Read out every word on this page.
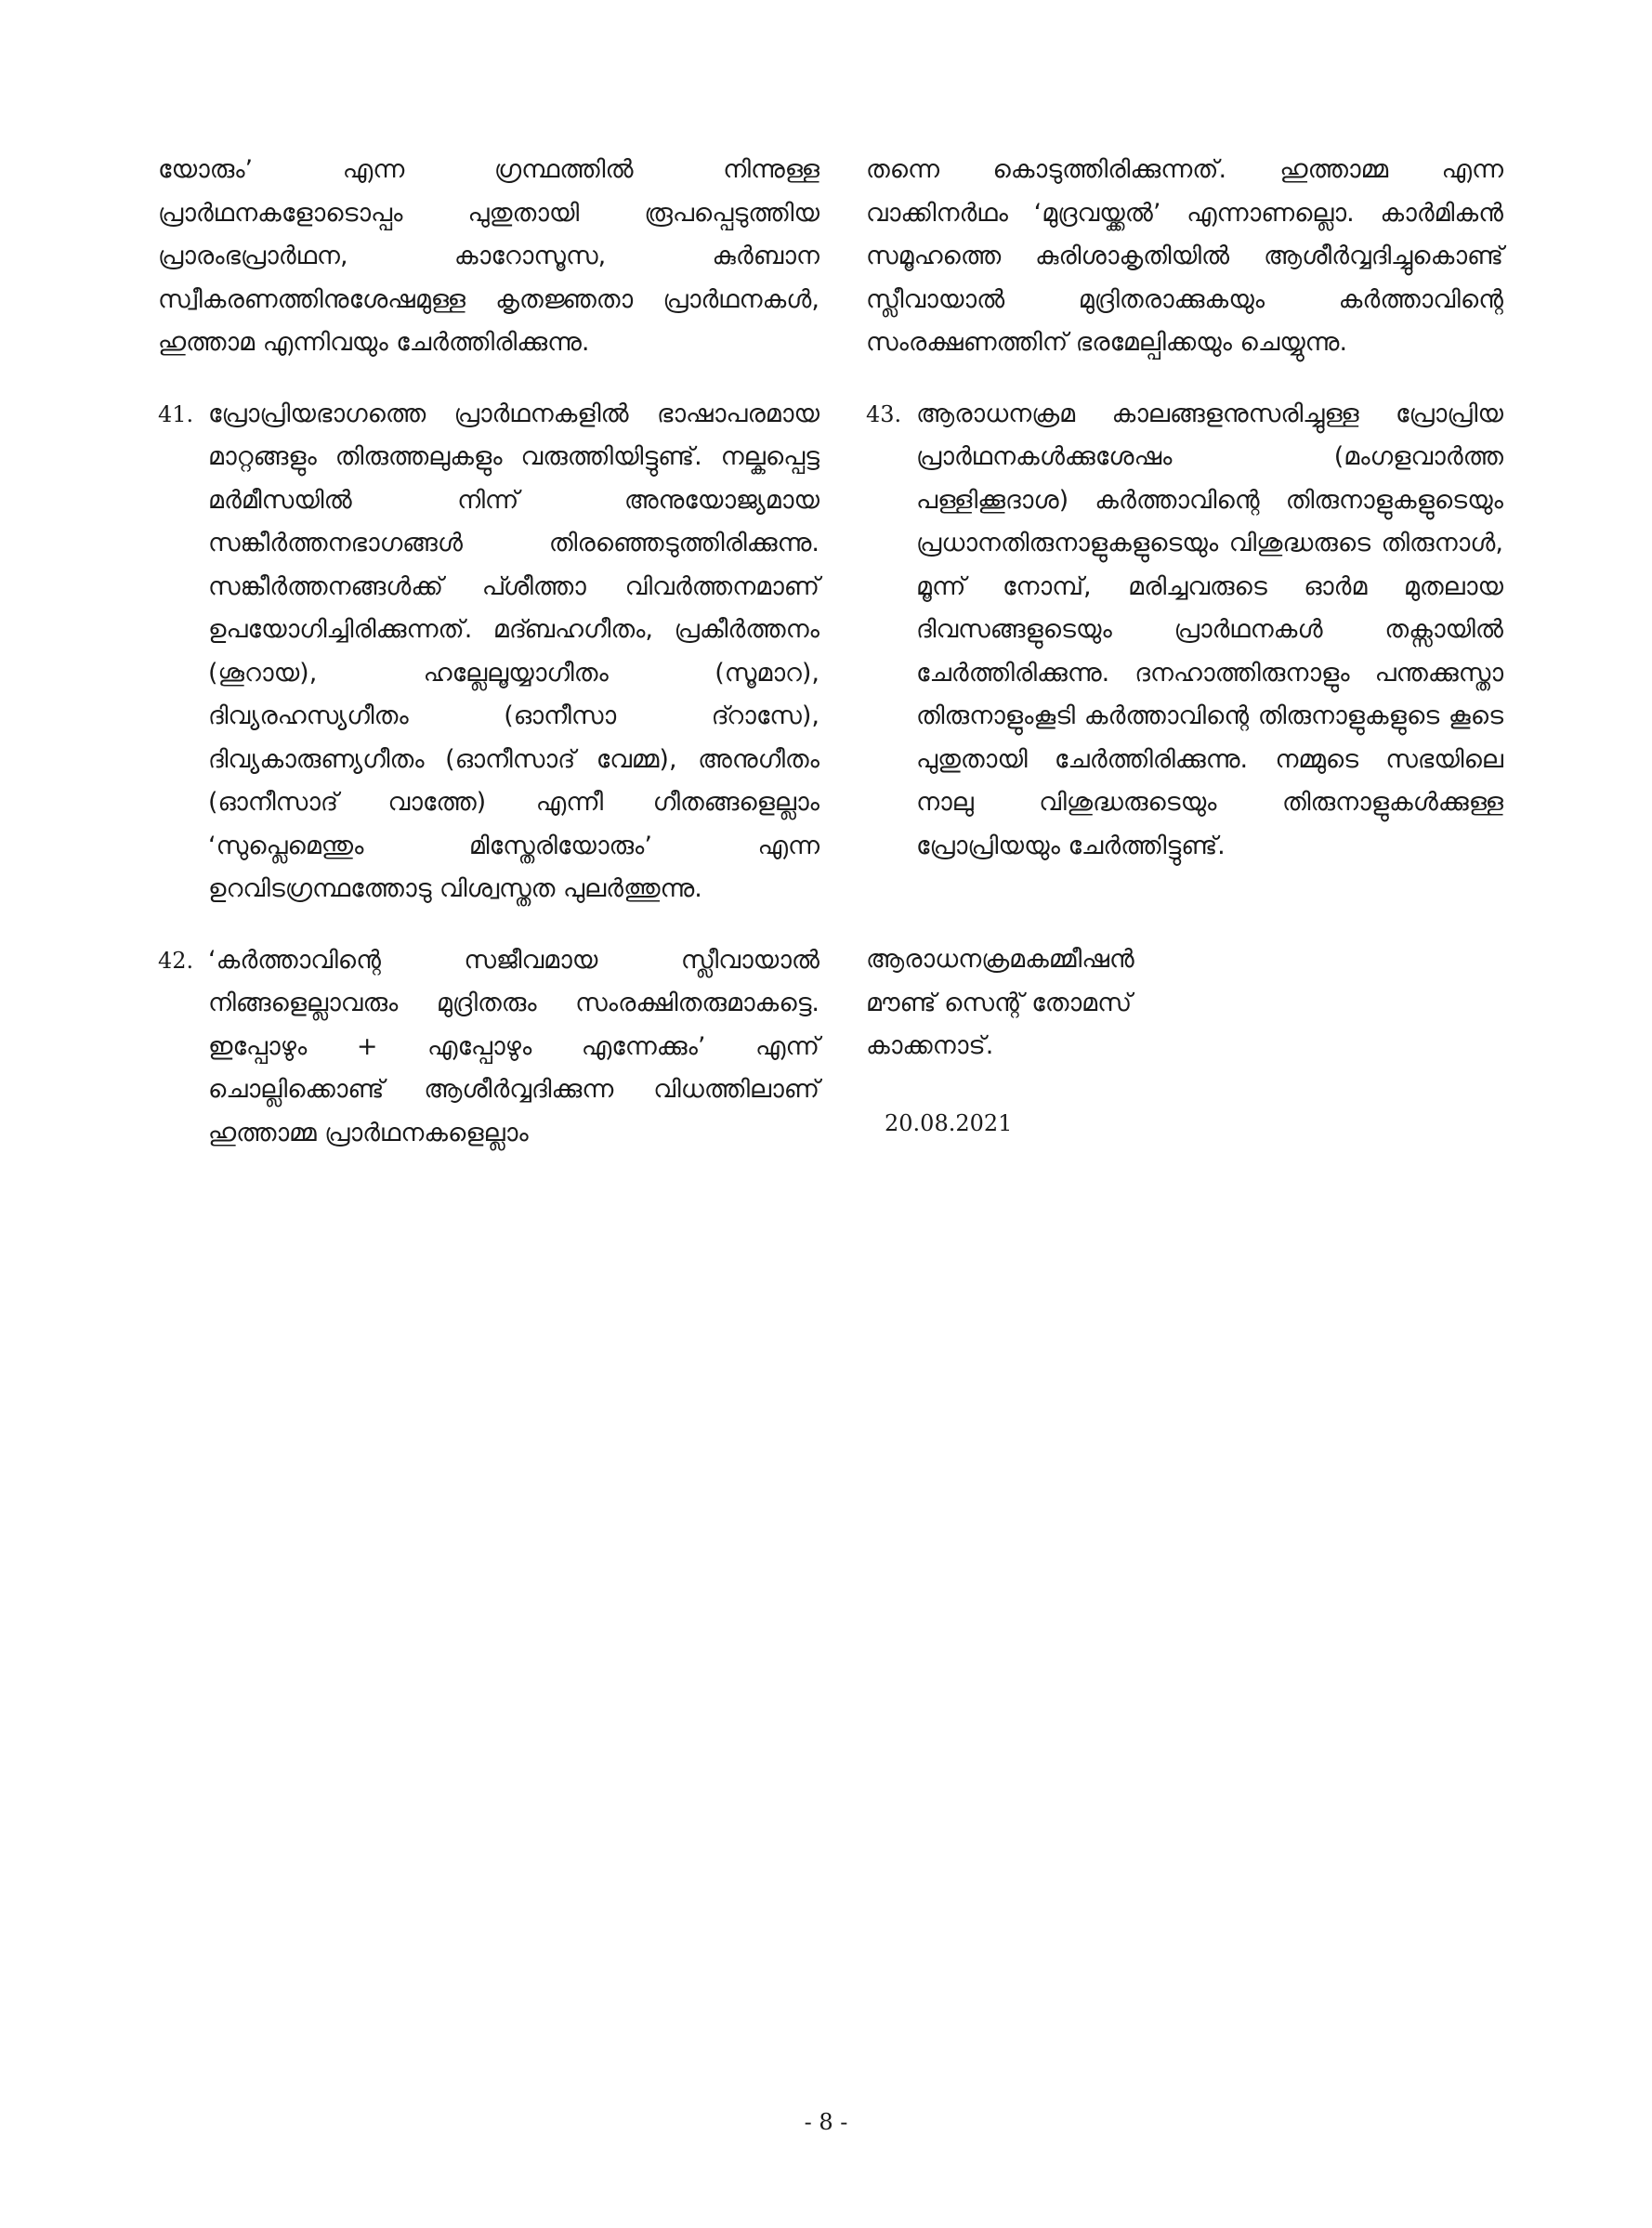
യോരും’ എന്ന ഗ്രന്ഥത്തിൽ നിന്നുള്ള പ്രാർഥനകളോടൊപ്പം പുതുതായി രൂപപ്പെടുത്തിയ പ്രാരംഭപ്രാർഥന, കാറോസൂസ, കുർബാന സ്വീകരണത്തിനുശേഷമുള്ള കൃതജ്ഞതാ പ്രാർഥനകൾ, ഹുത്താമ എന്നിവയും ചേർത്തിരിക്കുന്നു.

41. പ്രോപ്രിയഭാഗത്തെ പ്രാർഥനകളിൽ ഭാഷാപരമായ മാറ്റങ്ങളും തിരുത്തലുകളും വരുത്തിയിട്ടുണ്ട്. നല്കപ്പെട്ട മർമീസയിൽ നിന്ന് അനുയോജ്യമായ സങ്കീർത്തനഭാഗങ്ങൾ തിരഞ്ഞെടുത്തിരിക്കുന്നു. സങ്കീർത്തനങ്ങൾക്ക് പ്ശീത്താ വിവർത്തനമാണ് ഉപയോഗിച്ചിരിക്കുന്നത്. മദ്ബഹഗീതം, പ്രകീർത്തനം (ശൂറായ), ഹല്ലേലൂയ്യാഗീതം (സൂമാറ), ദിവ്യരഹസ്യഗീതം (ഓനീസാ ദ്റാസേ), ദിവ്യകാരുണ്യഗീതം (ഓനീസാദ് വേമ്മ), അനുഗീതം (ഓനീസാദ് വാത്തേ) എന്നീ ഗീതങ്ങളെല്ലാം ‘സുപ്ലെമെന്തും മിസ്തേരിയോരും’ എന്ന ഉറവിടഗ്രന്ഥത്തോടു വിശ്വസ്തത പുലർത്തുന്നു.
42. ‘കർത്താവിന്റെ സജീവമായ സ്ലീവായാൽ നിങ്ങളെല്ലാവരും മുദ്രിതരും സംരക്ഷിതരുമാകട്ടെ. ഇപ്പോഴും + എപ്പോഴും എന്നേക്കും’ എന്ന് ചൊല്ലിക്കൊണ്ട് ആശീർവ്വദിക്കുന്ന വിധത്തിലാണ് ഹുത്താമ്മ പ്രാർഥനകളെല്ലാം

തന്നെ കൊടുത്തിരിക്കുന്നത്. ഹുത്താമ്മ എന്ന വാക്കിനർഥം ‘മുദ്രവയ്ക്കൽ’ എന്നാണല്ലൊ. കാർമികൻ സമൂഹത്തെ കുരിശാകൃതിയിൽ ആശീർവ്വദിച്ചുകൊണ്ട് സ്ലീവായാൽ മുദ്രിതരാക്കുകയും കർത്താവിന്റെ സംരക്ഷണത്തിന് ഭരമേല്പിക്കയും ചെയ്യുന്നു.

43. ആരാധനക്രമ കാലങ്ങളനുസരിച്ചുള്ള പ്രോപ്രിയ പ്രാർഥനകൾക്കുശേഷം (മംഗളവാർത്ത പള്ളിക്കൂദാശ) കർത്താവിന്റെ തിരുനാളുകളുടെയും പ്രധാനതിരുനാളുകളുടെയും വിശുദ്ധരുടെ തിരുനാൾ, മൂന്ന് നോമ്പ്, മരിച്ചവരുടെ ഓർമ മുതലായ ദിവസങ്ങളുടെയും പ്രാർഥനകൾ തക്സായിൽ ചേർത്തിരിക്കുന്നു. ദനഹാത്തിരുനാളും പന്തക്കുസ്താ തിരുനാളുംകൂടി കർത്താവിന്റെ തിരുനാളുകളുടെ കൂടെ പുതുതായി ചേർത്തിരിക്കുന്നു. നമ്മുടെ സഭയിലെ നാലു വിശുദ്ധരുടെയും തിരുനാളുകൾക്കുള്ള പ്രോപ്രിയയും ചേർത്തിട്ടുണ്ട്.
ആരാധനക്രമകമ്മീഷൻ
മൗണ്ട് സെന്റ് തോമസ്
കാക്കനാട്.
20.08.2021
- 8 -
